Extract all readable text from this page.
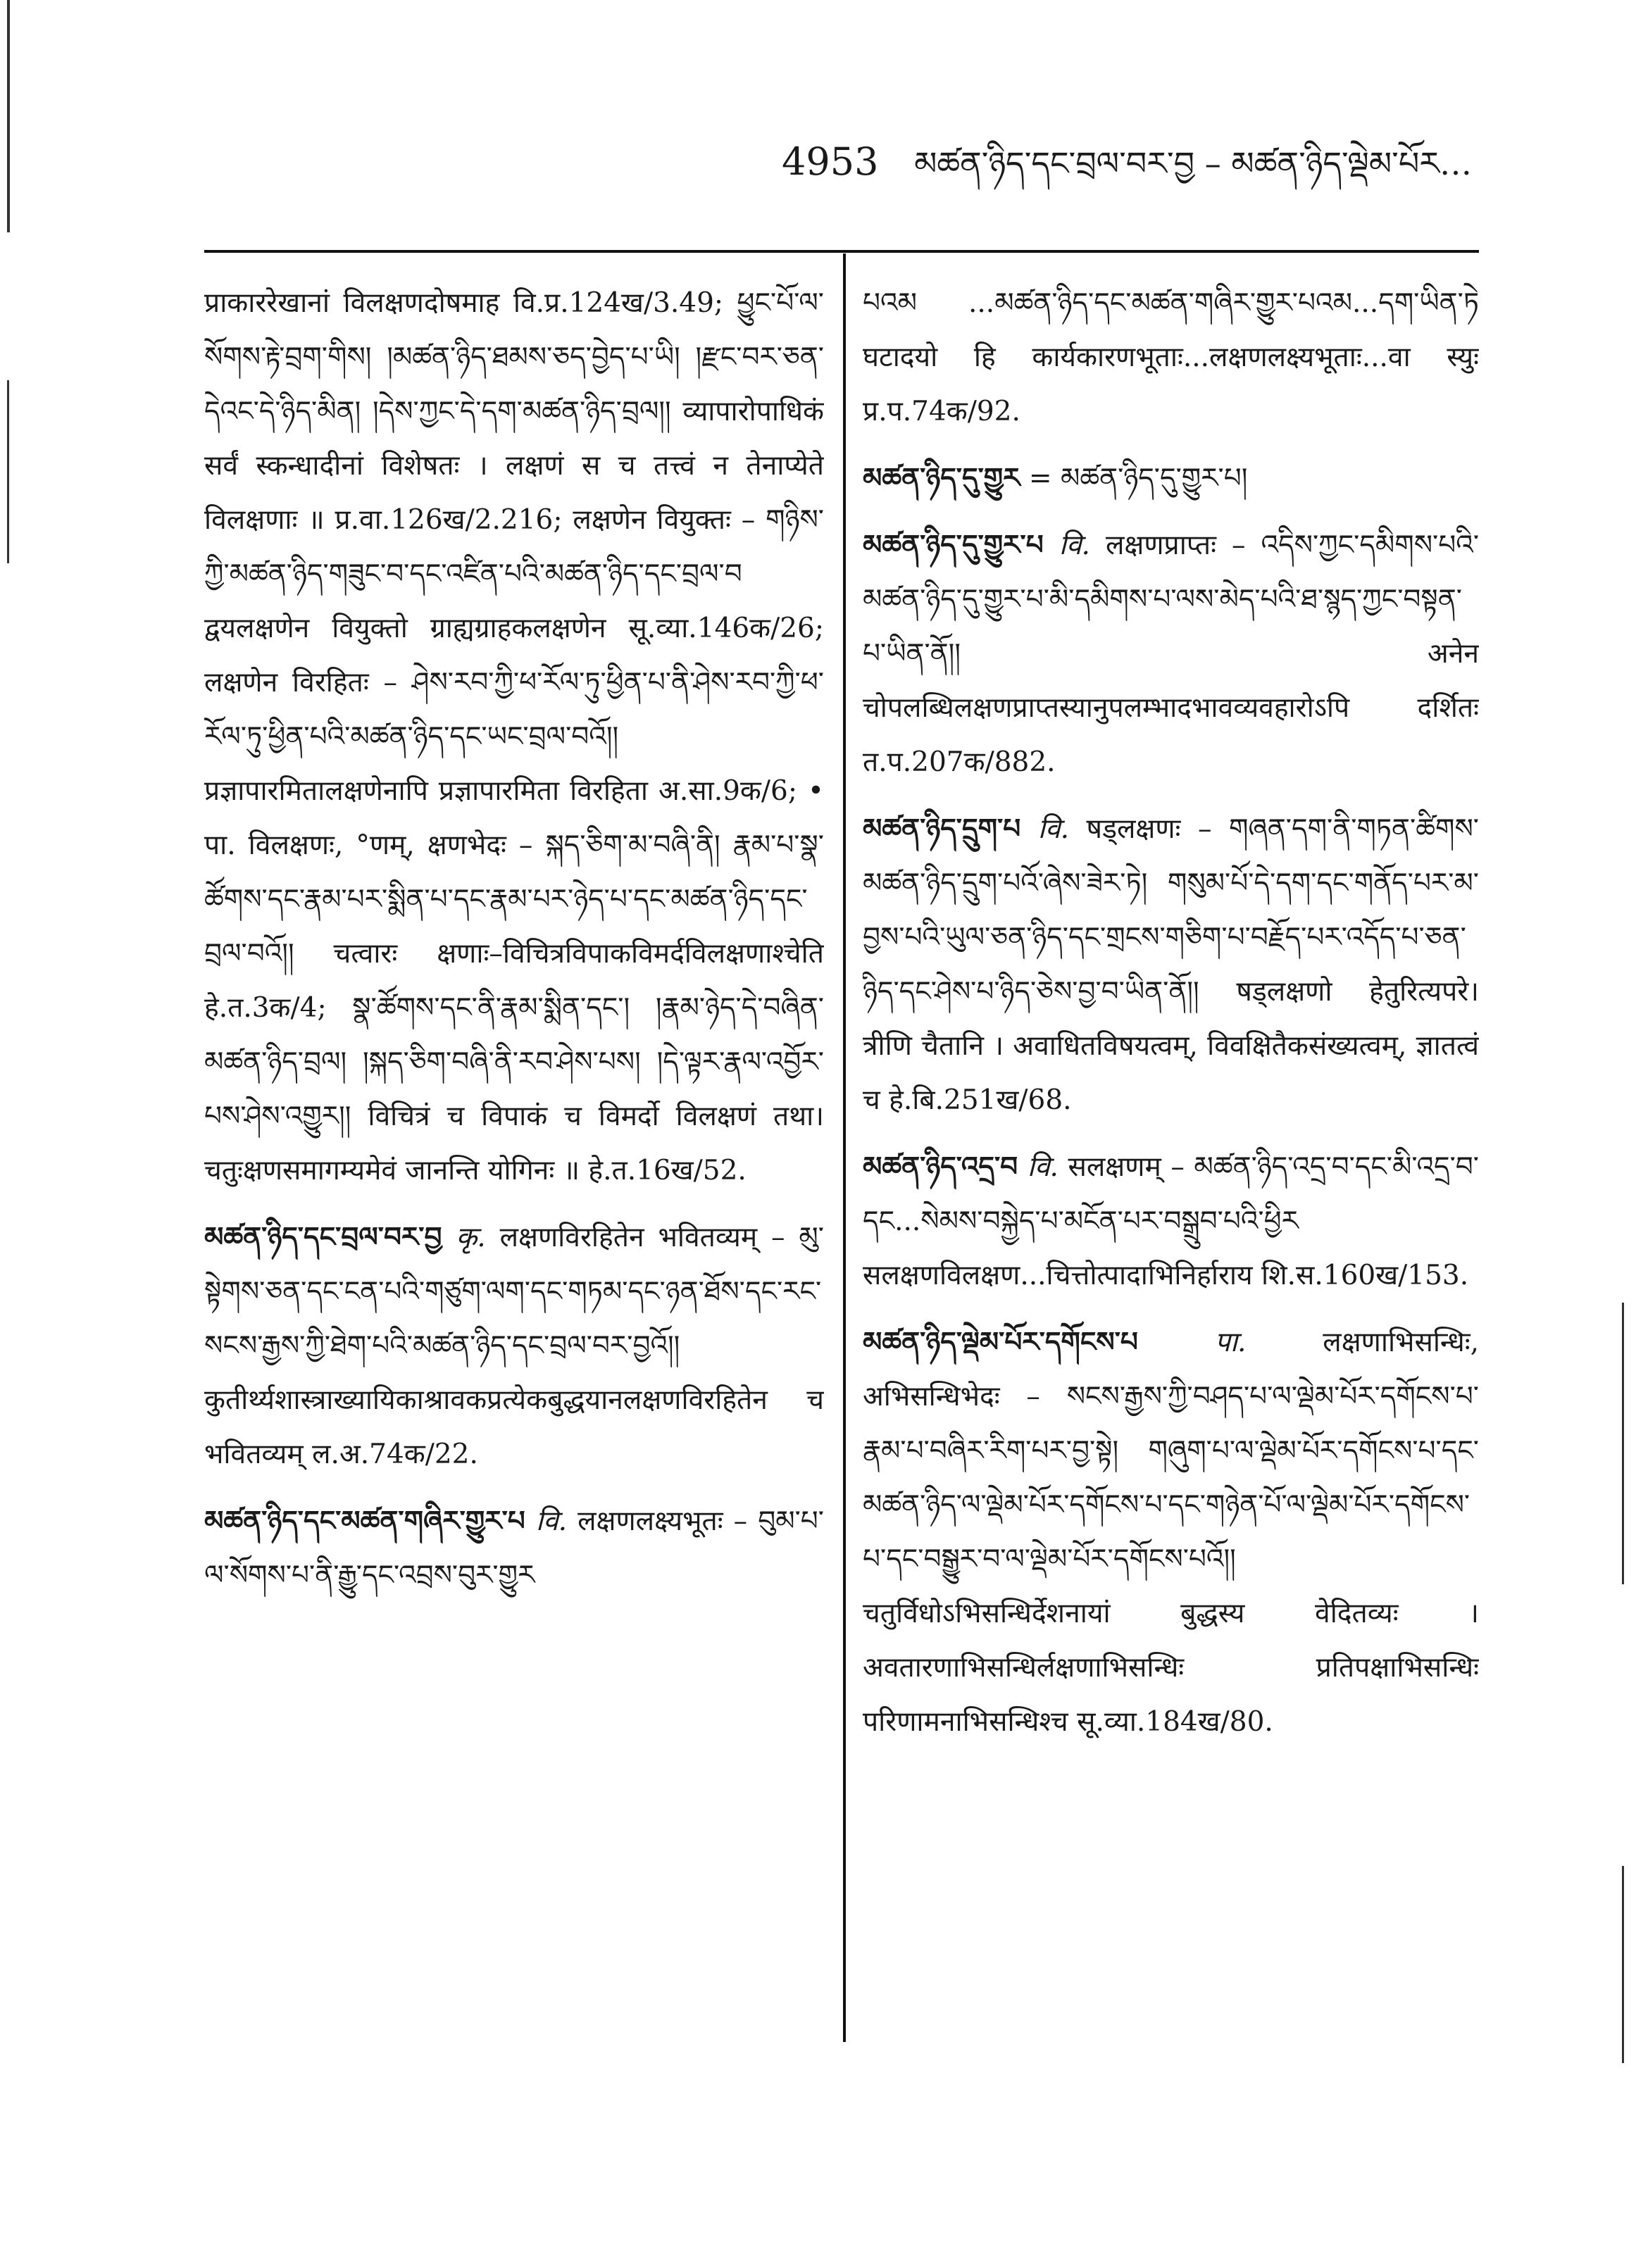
4953 མཚན་ཉིད་དང་བྲལ་བར་བྱ – མཚན་ཉིད་ལྡེམ་པོར…

प्राकाररेखानां विलक्षणदोषमाह वि.प्र.124ख/3.49; ཕྱུང་པོ་ལ་སོགས་རྟེ་བྲག་གིས། །མཚན་ཉིད་ཐམས་ཅད་བྱེད་པ་ཡི། །རྫང་བར་ཅན་དེའང་དེ་ཉིད་མིན། །དེས་ཀྱང་དེ་དག་མཚན་ཉིད་བྲལ།། व्यापारोपाधिकं सर्वं स्कन्धादीनां विशेषतः । लक्षणं स च तत्त्वं न तेनाप्येते विलक्षणाः ॥ प्र.वा.126ख/2.216; लक्षणेन वियुक्तः – གཉིས་ཀྱི་མཚན་ཉིད་གཟུང་བ་དང་འཛིན་པའི་མཚན་ཉིད་དང་བྲལ་བ द्वयलक्षणेन वियुक्तो ग्राह्यग्राहकलक्षणेन सू.व्या.146क/26; लक्षणेन विरहितः – ཤེས་རབ་ཀྱི་ཕ་རོལ་ཏུ་ཕྱིན་པ་ནི་ཤེས་རབ་ཀྱི་ཕ་རོལ་ཏུ་ཕྱིན་པའི་མཚན་ཉིད་དང་ཡང་བྲལ་བའོ།། प्रज्ञापारमितालक्षणेनापि प्रज्ञापारमिता विरहिता अ.सा.9क/6; • पा. विलक्षणः, °णम्, क्षणभेदः – སྐད་ཅིག་མ་བཞི་ནི། རྣམ་པ་སྣ་ཚོགས་དང་རྣམ་པར་སྨིན་པ་དང་རྣམ་པར་ཉེད་པ་དང་མཚན་ཉིད་དང་བྲལ་བའོ།། चत्वारः क्षणाः–विचित्रविपाकविमर्दविलक्षणाश्चेति हे.त.3क/4; སྣ་ཚོགས་དང་ནི་རྣམ་སྨིན་དང་། །རྣམ་ཉེད་དེ་བཞིན་མཚན་ཉིད་བྲལ། །སྐད་ཅིག་བཞི་ནི་རབ་ཤེས་པས། །དེ་ལྟར་རྣལ་འབྱོར་པས་ཤེས་འགྱུར།། विचित्रं च विपाकं च विमर्दो विलक्षणं तथा। चतुःक्षणसमागम्यमेवं जानन्ति योगिनः ॥ हे.त.16ख/52.

མཚན་ཉིད་དང་བྲལ་བར་བྱ कृ. लक्षणविरहितेन भवितव्यम् – མུ་སྟེགས་ཅན་དང་ངན་པའི་གཙུག་ལག་དང་གཏམ་དང་ཉན་ཐོས་དང་རང་སངས་རྒྱས་ཀྱི་ཐེག་པའི་མཚན་ཉིད་དང་བྲལ་བར་བྱའོ།། कुतीर्थ्यशास्त्राख्यायिकाश्रावकप्रत्येकबुद्धयानलक्षणविरहितेन च भवितव्यम् ल.अ.74क/22.

མཚན་ཉིད་དང་མཚན་གཞིར་གྱུར་པ वि. लक्षणलक्ष्यभूतः – བུམ་པ་ལ་སོགས་པ་ནི་རྒྱུ་དང་འབྲས་བུར་གྱུར

པའམ ...མཚན་ཉིད་དང་མཚན་གཞིར་གྱུར་པའམ...དག་ཡིན་ཏེ घटादयो हि कार्यकारणभूताः...लक्षणलक्ष्यभूताः...वा स्युः प्र.प.74क/92.

མཚན་ཉིད་དུ་གྱུར = མཚན་ཉིད་དུ་གྱུར་པ།

མཚན་ཉིད་དུ་གྱུར་པ वि. लक्षणप्राप्तः – འདིས་ཀྱང་དམིགས་པའི་མཚན་ཉིད་དུ་གྱུར་པ་མི་དམིགས་པ་ལས་མེད་པའི་ཐ་སྙད་ཀྱང་བསྟན་པ་ཡིན་ནོ།། अनेन चोपलब्धिलक्षणप्राप्तस्यानुपलम्भादभावव्यवहारोऽपि दर्शितः त.प.207क/882.

མཚན་ཉིད་དྲུག་པ वि. षड्लक्षणः – གཞན་དག་ནི་གཏན་ཚིགས་མཚན་ཉིད་དྲུག་པའོ་ཞེས་ཟེར་ཏེ། གསུམ་པོ་དེ་དག་དང་གནོད་པར་མ་བྱས་པའི་ཡུལ་ཅན་ཉིད་དང་གྲངས་གཅིག་པ་བརྗོད་པར་འདོད་པ་ཅན་ཉིད་དང་ཤེས་པ་ཉིད་ཅེས་བྱ་བ་ཡིན་ནོ།། षड्लक्षणो हेतुरित्यपरे। त्रीणि चैतानि । अवाधितविषयत्वम्, विवक्षितैकसंख्यत्वम्, ज्ञातत्वं च हे.बि.251ख/68.

མཚན་ཉིད་འདྲ་བ वि. सलक्षणम् – མཚན་ཉིད་འདྲ་བ་དང་མི་འདྲ་བ་དང...སེམས་བསྐྱེད་པ་མངོན་པར་བསྒྲུབ་པའི་ཕྱིར सलक्षणविलक्षण...चित्तोत्पादाभिनिर्हाराय शि.स.160ख/153.

མཚན་ཉིད་ལྡེམ་པོར་དགོངས་པ	पा.	लक्षणाभिसन्धिः, अभिसन्धिभेदः – སངས་རྒྱས་ཀྱི་བཤད་པ་ལ་ལྡེམ་པོར་དགོངས་པ་རྣམ་པ་བཞིར་རིག་པར་བྱ་སྟེ། གཞུག་པ་ལ་ལྡེམ་པོར་དགོངས་པ་དང་མཚན་ཉིད་ལ་ལྡེམ་པོར་དགོངས་པ་དང་གཉེན་པོ་ལ་ལྡེམ་པོར་དགོངས་པ་དང་བསྒྱུར་བ་ལ་ལྡེམ་པོར་དགོངས་པའོ།། चतुर्विधोऽभिसन्धिर्देशनायां बुद्धस्य वेदितव्यः । अवतारणाभिसन्धिर्लक्षणाभिसन्धिः प्रतिपक्षाभिसन्धिः परिणामनाभिसन्धिश्च सू.व्या.184ख/80.
